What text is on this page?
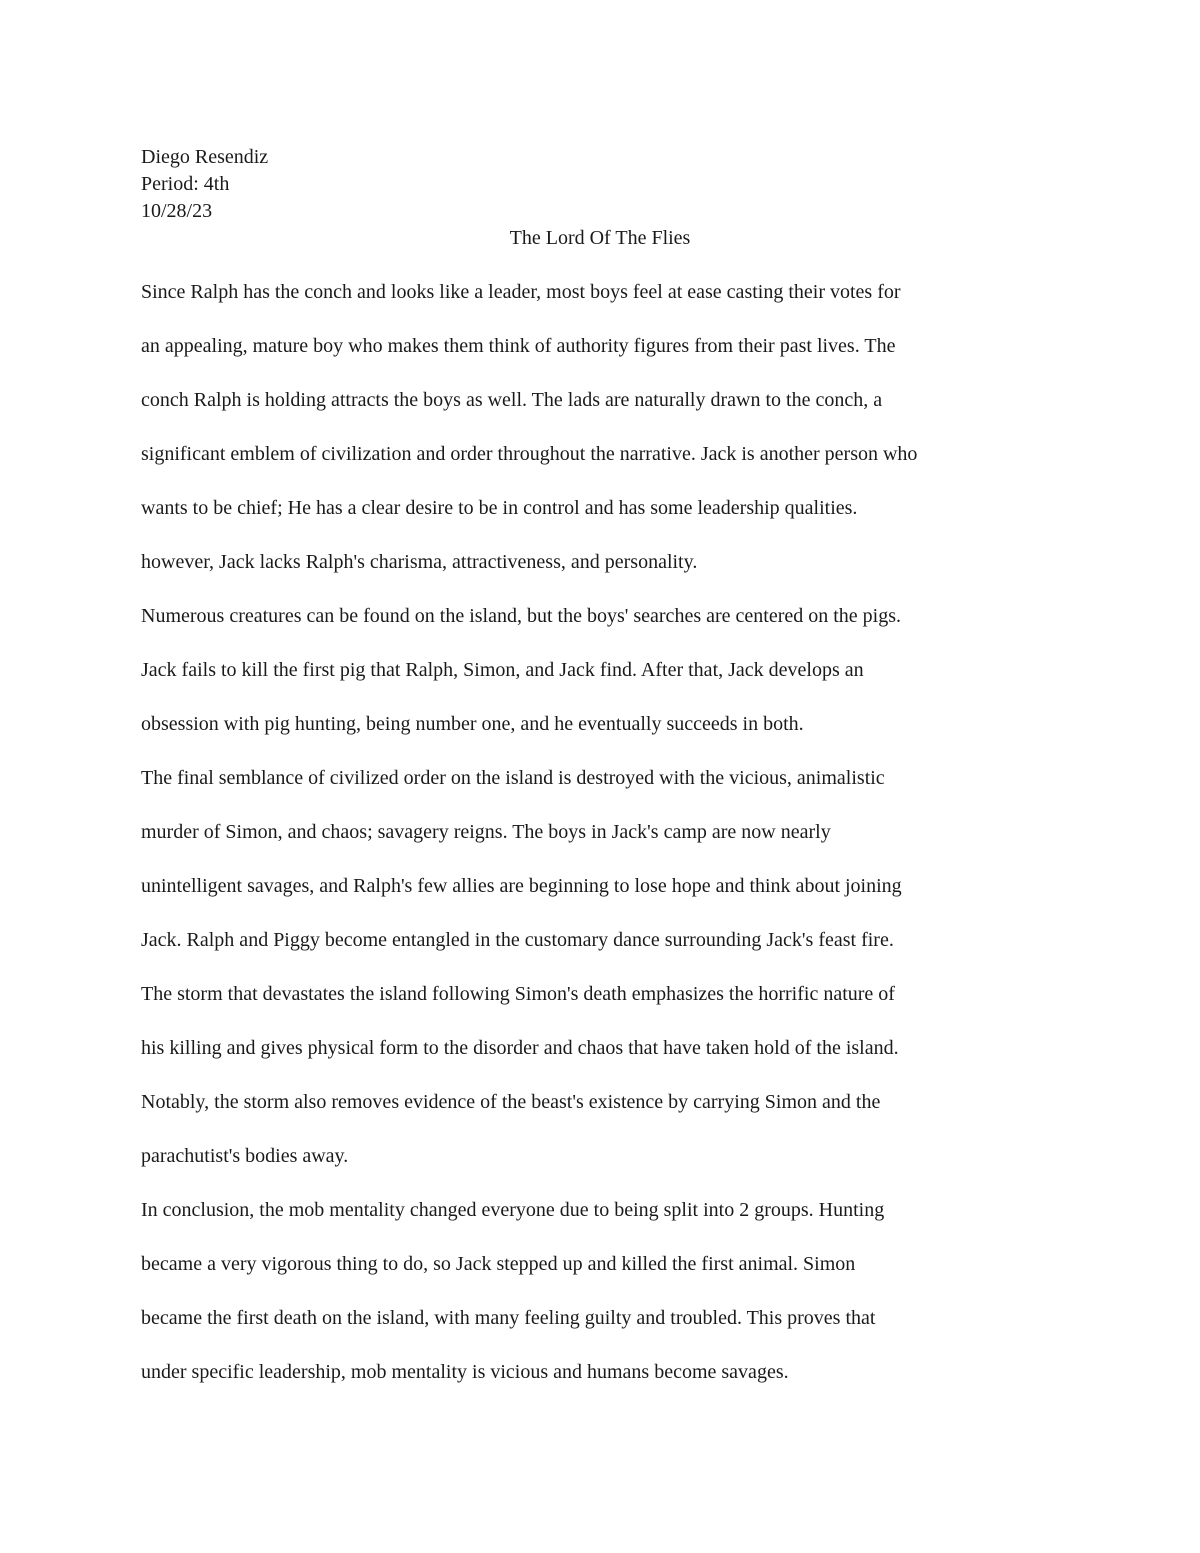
Diego Resendiz
Period: 4th
10/28/23
The Lord Of The Flies
Since Ralph has the conch and looks like a leader, most boys feel at ease casting their votes for
an appealing, mature boy who makes them think of authority figures from their past lives. The
conch Ralph is holding attracts the boys as well. The lads are naturally drawn to the conch, a
significant emblem of civilization and order throughout the narrative. Jack is another person who
wants to be chief; He has a clear desire to be in control and has some leadership qualities.
however, Jack lacks Ralph's charisma, attractiveness, and personality.
Numerous creatures can be found on the island, but the boys' searches are centered on the pigs.
Jack fails to kill the first pig that Ralph, Simon, and Jack find. After that, Jack develops an
obsession with pig hunting, being number one, and he eventually succeeds in both.
The final semblance of civilized order on the island is destroyed with the vicious, animalistic
murder of Simon, and chaos; savagery reigns. The boys in Jack's camp are now nearly
unintelligent savages, and Ralph's few allies are beginning to lose hope and think about joining
Jack. Ralph and Piggy become entangled in the customary dance surrounding Jack's feast fire.
The storm that devastates the island following Simon's death emphasizes the horrific nature of
his killing and gives physical form to the disorder and chaos that have taken hold of the island.
Notably, the storm also removes evidence of the beast's existence by carrying Simon and the
parachutist's bodies away.
In conclusion, the mob mentality changed everyone due to being split into 2 groups. Hunting
became a very vigorous thing to do, so Jack stepped up and killed the first animal. Simon
became the first death on the island, with many feeling guilty and troubled. This proves that
under specific leadership, mob mentality is vicious and humans become savages.
